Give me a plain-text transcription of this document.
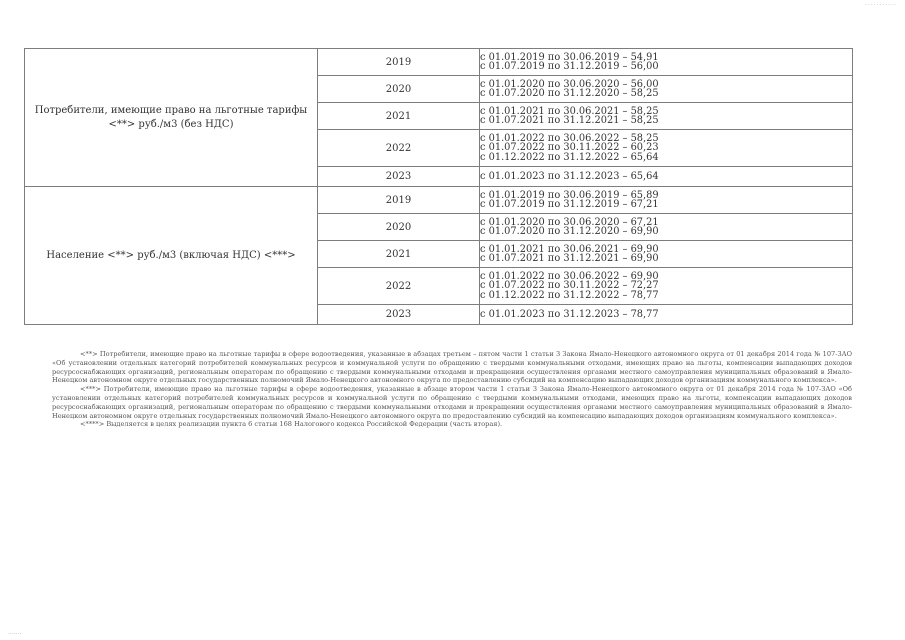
···········
Потребители, имеющие право на льготные тарифы <**> руб./м3 (без НДС)	2019	с 01.01.2019 по 30.06.2019 – 54,91
с 01.07.2019 по 31.12.2019 – 56,00

	2020	с 01.01.2020 по 30.06.2020 – 56,00
с 01.07.2020 по 31.12.2020 – 58,25

	2021	с 01.01.2021 по 30.06.2021 – 58,25
с 01.07.2021 по 31.12.2021 – 58,25

	2022	с 01.01.2022 по 30.06.2022 – 58,25
с 01.07.2022 по 30.11.2022 – 60,23
с 01.12.2022 по 31.12.2022 – 65,64

	2023	с 01.01.2023 по 31.12.2023 – 65,64

Население <**> руб./м3 (включая НДС) <***>	2019	с 01.01.2019 по 30.06.2019 – 65,89
с 01.07.2019 по 31.12.2019 – 67,21

	2020	с 01.01.2020 по 30.06.2020 – 67,21
с 01.07.2020 по 31.12.2020 – 69,90

	2021	с 01.01.2021 по 30.06.2021 – 69,90
с 01.07.2021 по 31.12.2021 – 69,90

	2022	с 01.01.2022 по 30.06.2022 – 69,90
с 01.07.2022 по 30.11.2022 – 72,27
с 01.12.2022 по 31.12.2022 – 78,77

	2023	с 01.01.2023 по 31.12.2023 – 78,77

<**> Потребители, имеющие право на льготные тарифы в сфере водоотведения, указанные в абзацах третьем – пятом части 1 статьи 3 Закона Ямало-Ненецкого автономного округа от 01 декабря 2014 года № 107-ЗАО «Об установлении отдельных категорий потребителей коммунальных ресурсов и коммунальной услуги по обращению с твердыми коммунальными отходами, имеющих право на льготы, компенсации выпадающих доходов ресурсоснабжающих организаций, региональным операторам по обращению с твердыми коммунальными отходами и прекращении осуществления органами местного самоуправления муниципальных образований в Ямало-Ненецком автономном округе отдельных государственных полномочий Ямало-Ненецкого автономного округа по предоставлению субсидий на компенсацию выпадающих доходов организациям коммунального комплекса».

<***> Потребители, имеющие право на льготные тарифы в сфере водоотведения, указанные в абзаце втором части 1 статьи 3 Закона Ямало-Ненецкого автономного округа от 01 декабря 2014 года № 107-ЗАО «Об установлении отдельных категорий потребителей коммунальных ресурсов и коммунальной услуги по обращению с твердыми коммунальными отходами, имеющих право на льготы, компенсации выпадающих доходов ресурсоснабжающих организаций, региональным операторам по обращению с твердыми коммунальными отходами и прекращении осуществления органами местного самоуправления муниципальных образований в Ямало-Ненецком автономном округе отдельных государственных полномочий Ямало-Ненецкого автономного округа по предоставлению субсидий на компенсацию выпадающих доходов организациям коммунального комплекса».

<****> Выделяется в целях реализации пункта 6 статьи 168 Налогового кодекса Российской Федерации (часть вторая).

·······
